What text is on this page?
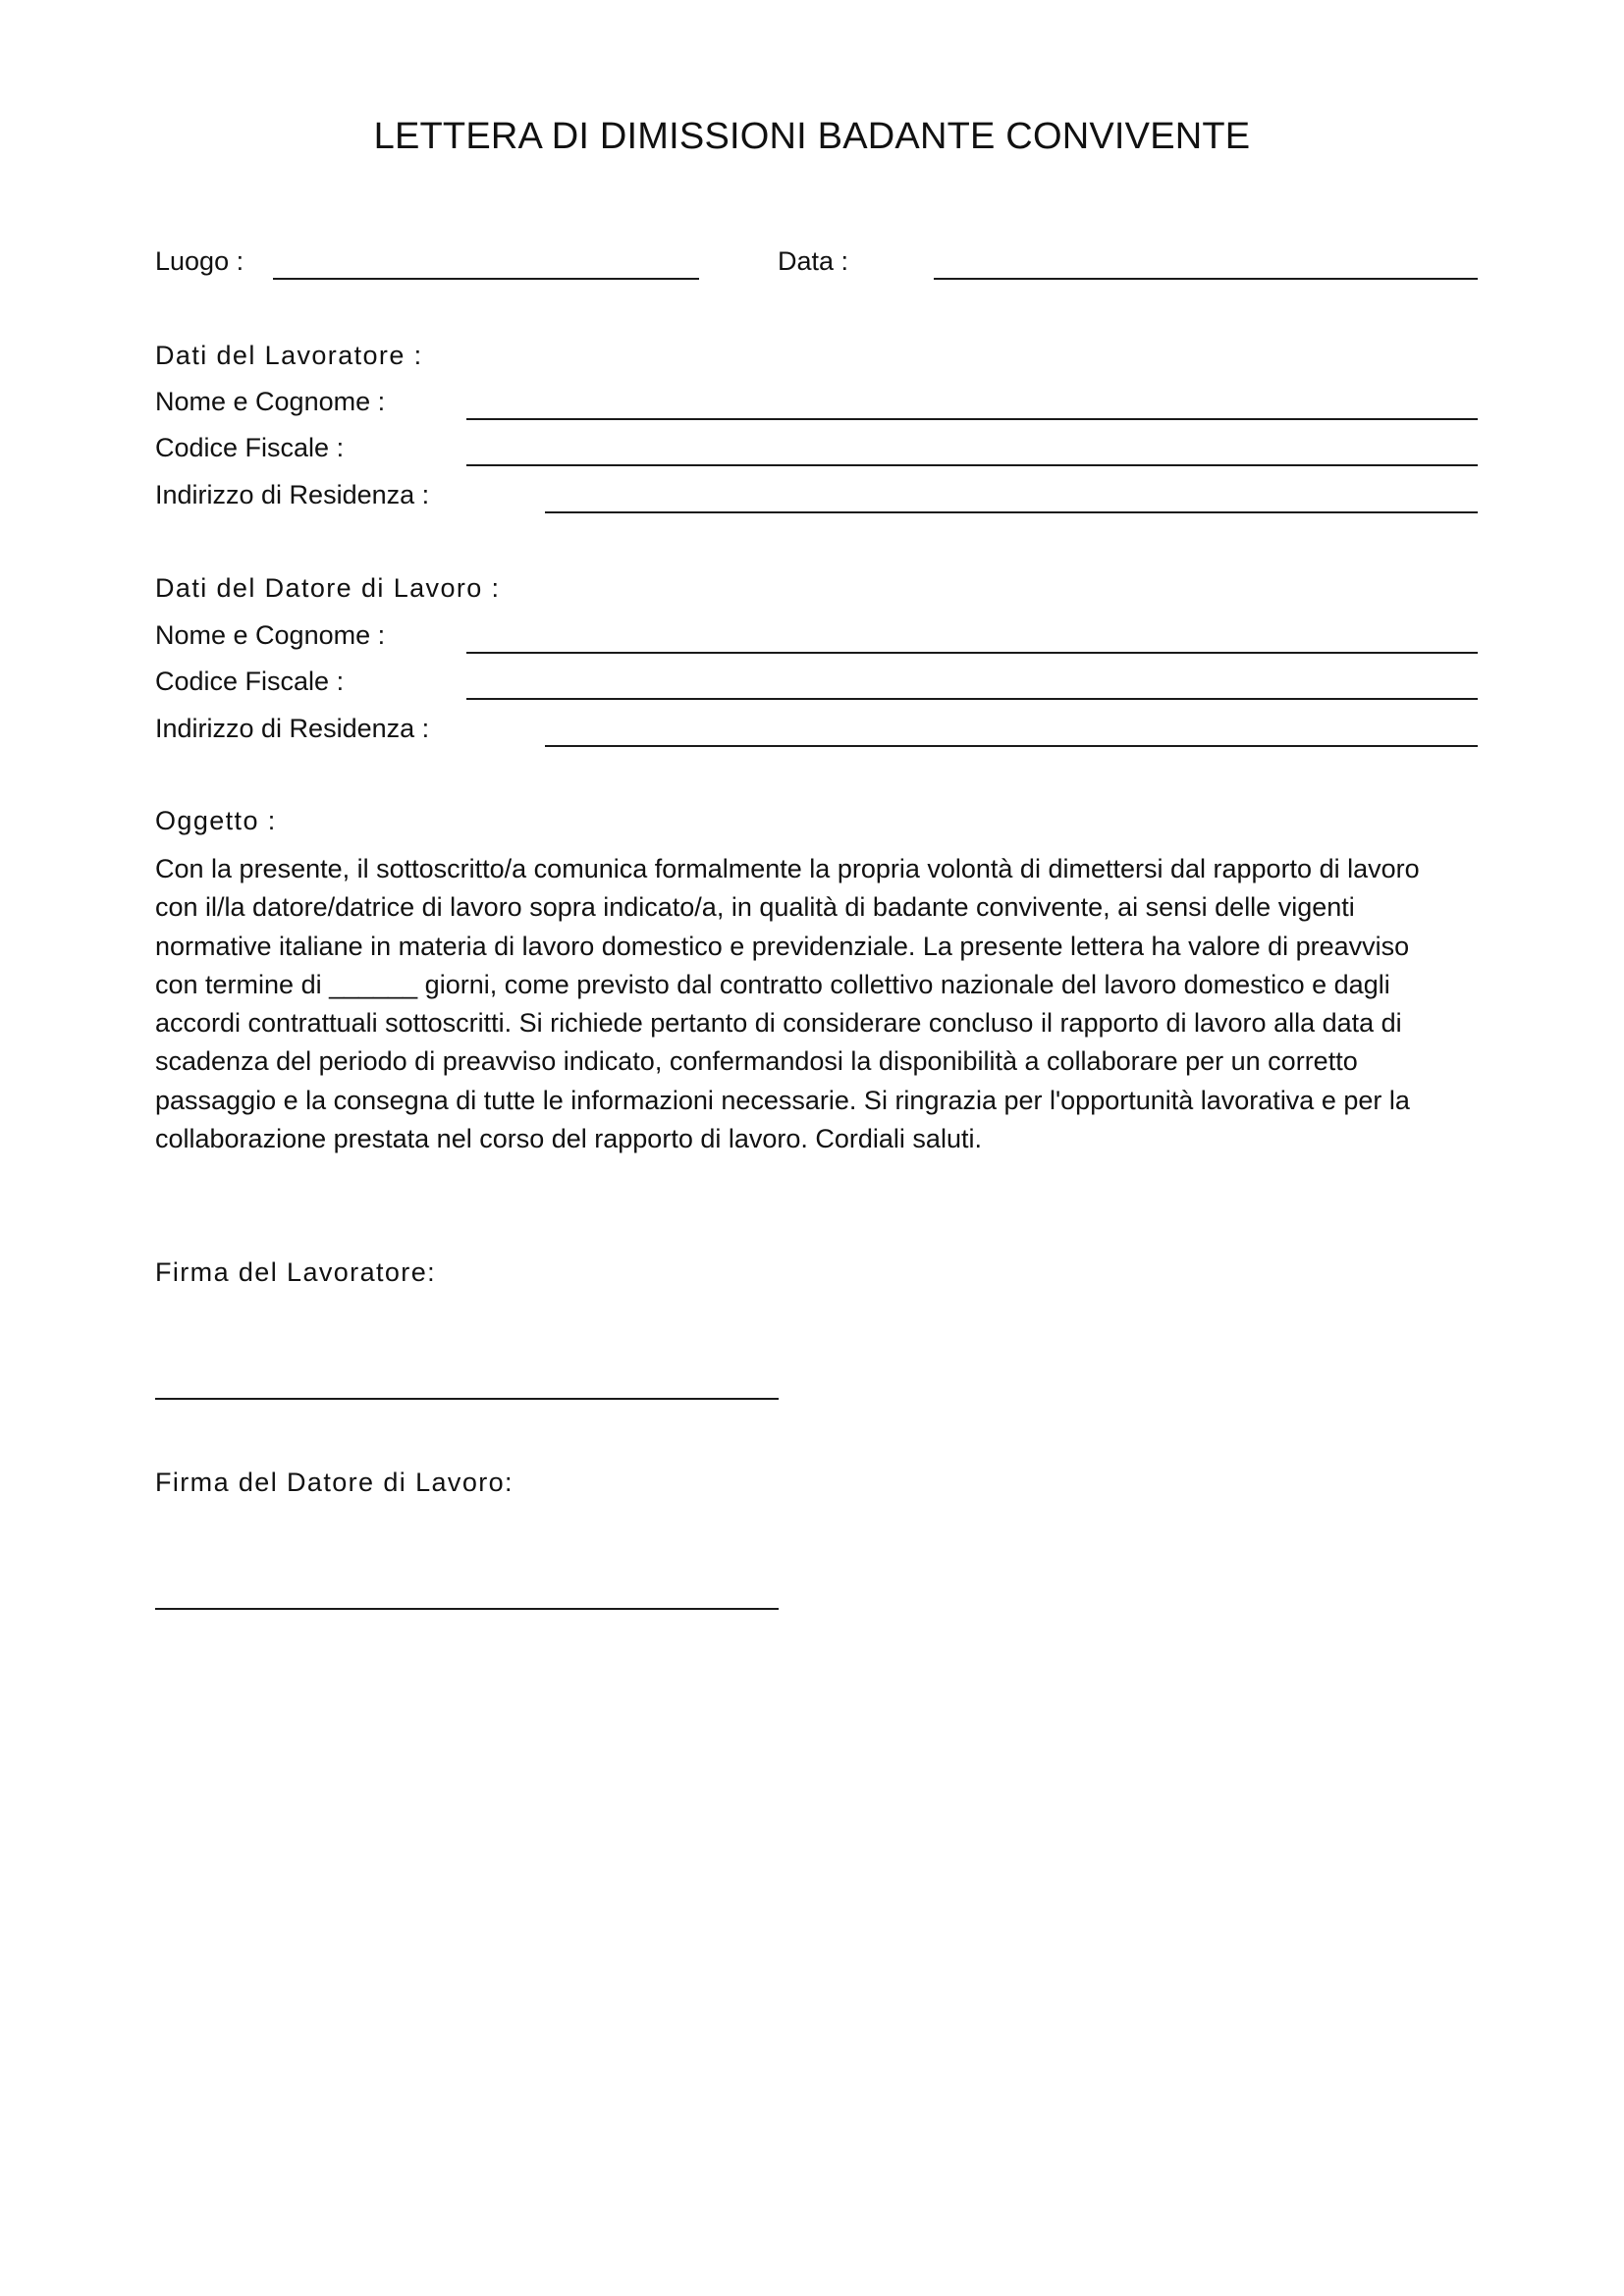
LETTERA DI DIMISSIONI BADANTE CONVIVENTE
Luogo :	Data :
Dati del Lavoratore :
Nome e Cognome :
Codice Fiscale :
Indirizzo di Residenza :
Dati del Datore di Lavoro :
Nome e Cognome :
Codice Fiscale :
Indirizzo di Residenza :
Oggetto :

Con la presente, il sottoscritto/a comunica formalmente la propria volontà di dimettersi dal rapporto di lavoro

con il/la datore/datrice di lavoro sopra indicato/a, in qualità di badante convivente, ai sensi delle vigenti

normative italiane in materia di lavoro domestico e previdenziale. La presente lettera ha valore di preavviso

con termine di ______ giorni, come previsto dal contratto collettivo nazionale del lavoro domestico e dagli

accordi contrattuali sottoscritti. Si richiede pertanto di considerare concluso il rapporto di lavoro alla data di

scadenza del periodo di preavviso indicato, confermandosi la disponibilità a collaborare per un corretto

passaggio e la consegna di tutte le informazioni necessarie. Si ringrazia per l'opportunità lavorativa e per la

collaborazione prestata nel corso del rapporto di lavoro. Cordiali saluti.

Firma del Lavoratore:
Firma del Datore di Lavoro:
